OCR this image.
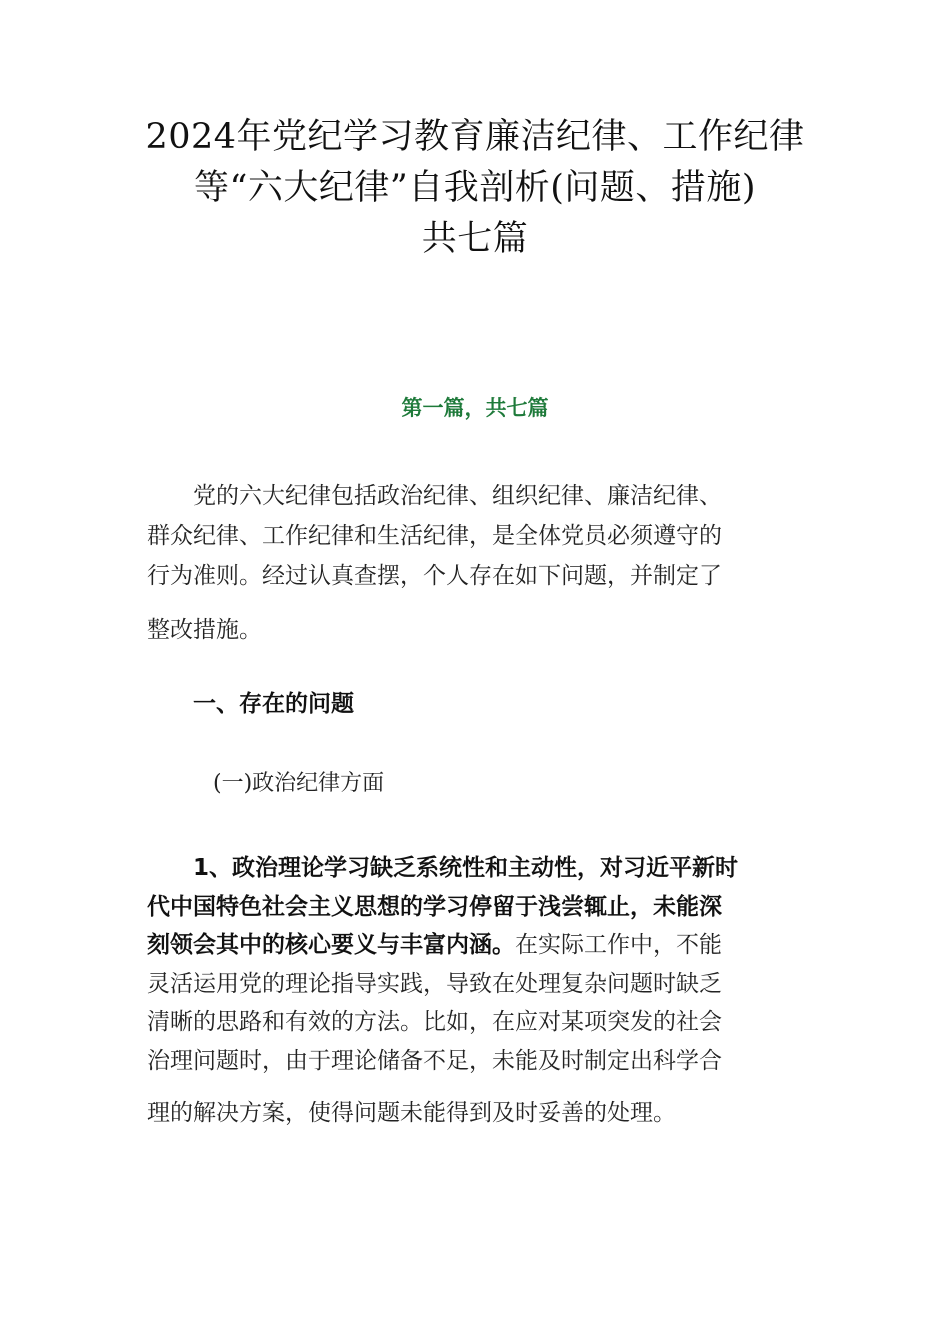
2024年党纪学习教育廉洁纪律、工作纪律
等“六大纪律”自我剖析(问题、措施)
共七篇
第一篇，共七篇
党的六大纪律包括政治纪律、组织纪律、廉洁纪律、
群众纪律、工作纪律和生活纪律，是全体党员必须遵守的
行为准则。经过认真查摆，个人存在如下问题，并制定了
整改措施。
一、存在的问题
(一)政治纪律方面
1、政治理论学习缺乏系统性和主动性，对习近平新时
代中国特色社会主义思想的学习停留于浅尝辄止，未能深
刻领会其中的核心要义与丰富内涵。在实际工作中，不能
灵活运用党的理论指导实践，导致在处理复杂问题时缺乏
清晰的思路和有效的方法。比如，在应对某项突发的社会
治理问题时，由于理论储备不足，未能及时制定出科学合
理的解决方案，使得问题未能得到及时妥善的处理。
